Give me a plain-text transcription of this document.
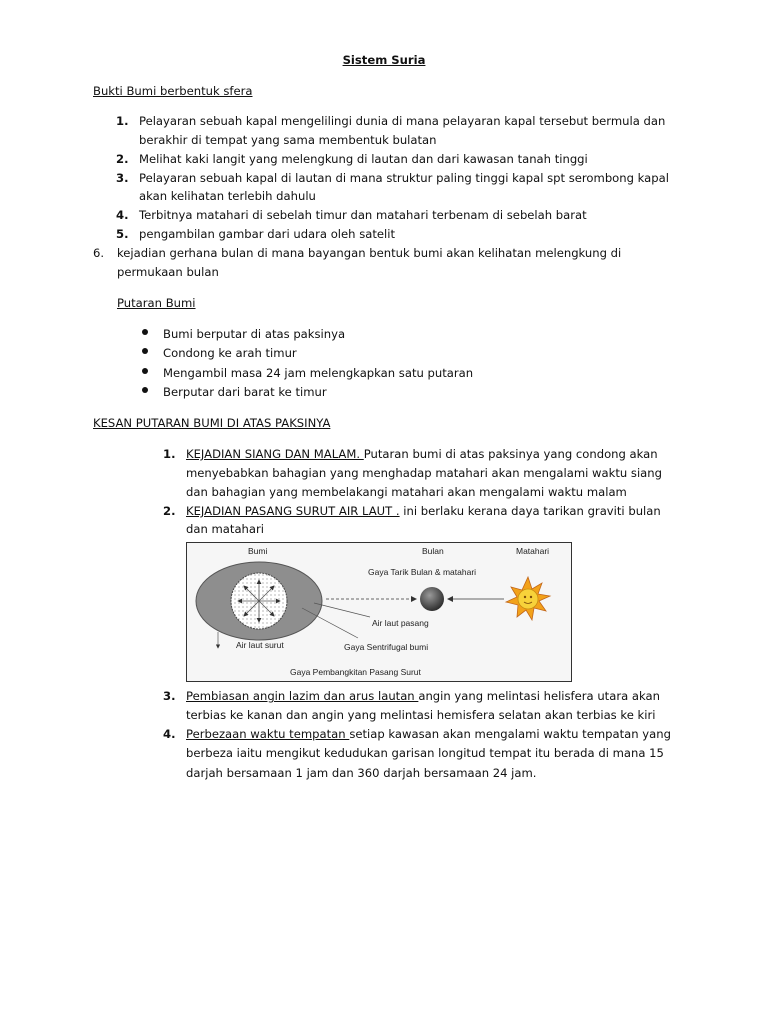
Sistem Suria
Bukti Bumi berbentuk sfera
1. Pelayaran sebuah kapal mengelilingi dunia di mana pelayaran kapal tersebut bermula dan
berakhir di tempat yang sama membentuk bulatan
2. Melihat kaki langit yang melengkung di lautan dan dari kawasan tanah tinggi
3. Pelayaran sebuah kapal di lautan di mana struktur paling tinggi kapal spt serombong kapal
akan kelihatan terlebih dahulu
4. Terbitnya matahari di sebelah timur dan matahari terbenam di sebelah barat
5. pengambilan gambar dari udara oleh satelit
6. kejadian gerhana bulan di mana bayangan bentuk bumi akan kelihatan melengkung di
permukaan bulan
Putaran Bumi
Bumi berputar di atas paksinya
Condong ke arah timur
Mengambil masa 24 jam melengkapkan satu putaran
Berputar dari barat ke timur
KESAN PUTARAN BUMI DI ATAS PAKSINYA
1. KEJADIAN SIANG DAN MALAM. Putaran bumi di atas paksinya yang condong akan
menyebabkan bahagian yang menghadap matahari akan mengalami waktu siang
dan bahagian yang membelakangi matahari akan mengalami waktu malam
2. KEJADIAN PASANG SURUT AIR LAUT . ini berlaku kerana daya tarikan graviti bulan
dan matahari
Bumi	Bulan	Matahari
Gaya Tarik Bulan & matahari
Air laut pasang
Air laut surut	Gaya Sentrifugal bumi
Gaya Pembangkitan Pasang Surut
3. Pembiasan angin lazim dan arus lautan angin yang melintasi helisfera utara akan
terbias ke kanan dan angin yang melintasi hemisfera selatan akan terbias ke kiri
4. Perbezaan waktu tempatan setiap kawasan akan mengalami waktu tempatan yang
berbeza iaitu mengikut kedudukan garisan longitud tempat itu berada di mana 15
darjah bersamaan 1 jam dan 360 darjah bersamaan 24 jam.
